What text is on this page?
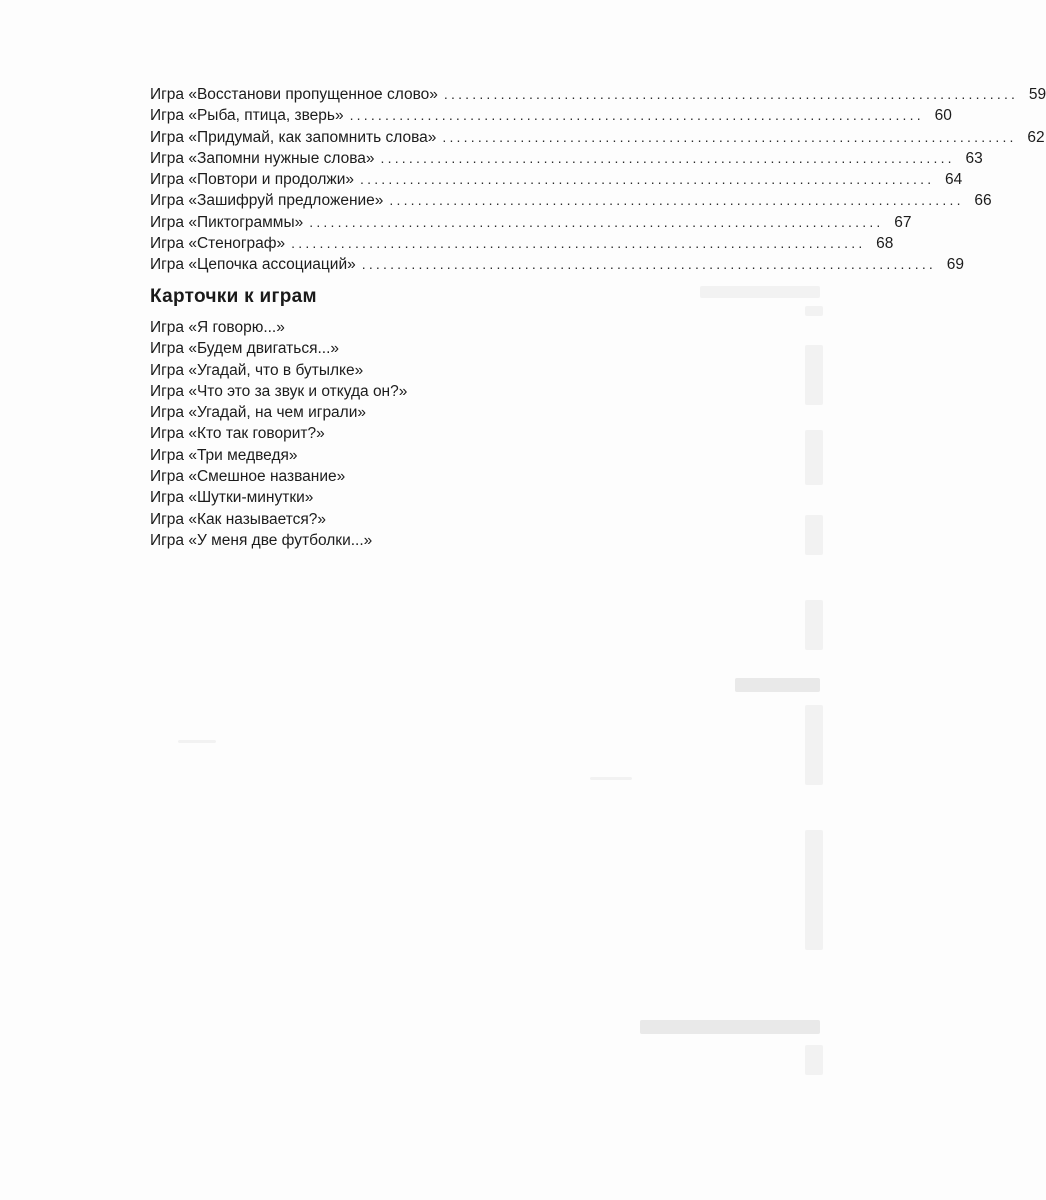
Игра «Восстанови пропущенное слово» ................................................................................. 59
Игра «Рыба, птица, зверь» ................................................................................. 60
Игра «Придумай, как запомнить слова» ................................................................................. 62
Игра «Запомни нужные слова» ................................................................................. 63
Игра «Повтори и продолжи» ................................................................................. 64
Игра «Зашифруй предложение» ................................................................................. 66
Игра «Пиктограммы» ................................................................................. 67
Игра «Стенограф» ................................................................................. 68
Игра «Цепочка ассоциаций» ................................................................................. 69
Карточки к играм
Игра «Я говорю...»
Игра «Будем двигаться...»
Игра «Угадай, что в бутылке»
Игра «Что это за звук и откуда он?»
Игра «Угадай, на чем играли»
Игра «Кто так говорит?»
Игра «Три медведя»
Игра «Смешное название»
Игра «Шутки-минутки»
Игра «Как называется?»
Игра «У меня две футболки...»
